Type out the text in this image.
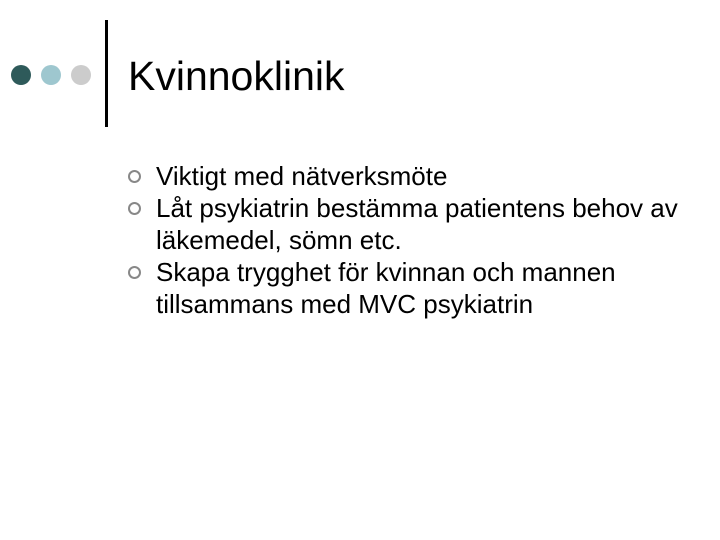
Kvinnoklinik
Viktigt med nätverksmöte
Låt psykiatrin bestämma patientens behov av läkemedel, sömn etc.
Skapa trygghet för kvinnan och mannen tillsammans med MVC psykiatrin
